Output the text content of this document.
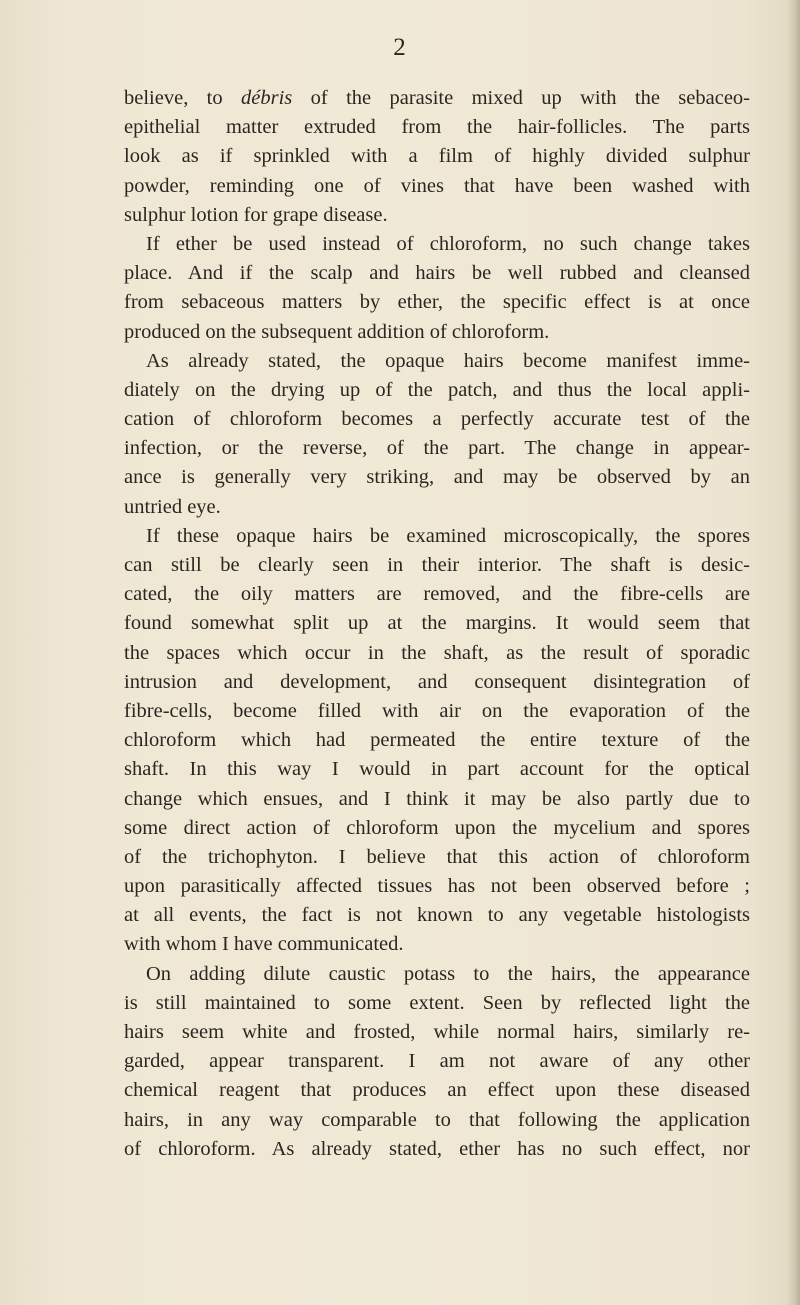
2
believe, to débris of the parasite mixed up with the sebaceo-
epithelial matter extruded from the hair-follicles. The parts
look as if sprinkled with a film of highly divided sulphur
powder, reminding one of vines that have been washed with
sulphur lotion for grape disease.
If ether be used instead of chloroform, no such change takes
place. And if the scalp and hairs be well rubbed and cleansed
from sebaceous matters by ether, the specific effect is at once
produced on the subsequent addition of chloroform.
As already stated, the opaque hairs become manifest imme-
diately on the drying up of the patch, and thus the local appli-
cation of chloroform becomes a perfectly accurate test of the
infection, or the reverse, of the part. The change in appear-
ance is generally very striking, and may be observed by an
untried eye.
If these opaque hairs be examined microscopically, the spores
can still be clearly seen in their interior. The shaft is desic-
cated, the oily matters are removed, and the fibre-cells are
found somewhat split up at the margins. It would seem that
the spaces which occur in the shaft, as the result of sporadic
intrusion and development, and consequent disintegration of
fibre-cells, become filled with air on the evaporation of the
chloroform which had permeated the entire texture of the
shaft. In this way I would in part account for the optical
change which ensues, and I think it may be also partly due to
some direct action of chloroform upon the mycelium and spores
of the trichophyton. I believe that this action of chloroform
upon parasitically affected tissues has not been observed before ;
at all events, the fact is not known to any vegetable histologists
with whom I have communicated.
On adding dilute caustic potass to the hairs, the appearance
is still maintained to some extent. Seen by reflected light the
hairs seem white and frosted, while normal hairs, similarly re-
garded, appear transparent. I am not aware of any other
chemical reagent that produces an effect upon these diseased
hairs, in any way comparable to that following the application
of chloroform. As already stated, ether has no such effect, nor
